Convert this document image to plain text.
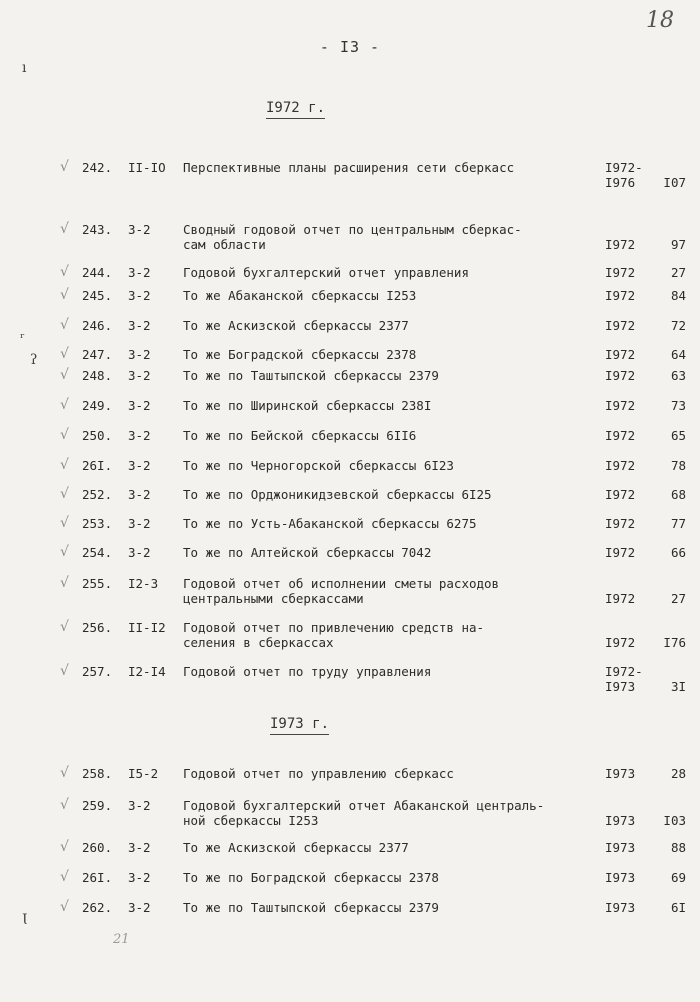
- I3 -
18
21
ı
ᵣ
ʔ
Ɩ
I972 г.
√ 242. II-IO Перспективные планы расширения сети сберкасс	I972-
I976	I07
√ 243. 3-2	Сводный годовой отчет по центральным сберкас-
сам области	I972	97
√ 244. 3-2	Годовой бухгалтерский отчет управления	I972	27
√ 245. 3-2	То же Абаканской сберкассы I253	I972	84
√ 246. 3-2	То же Аскизской сберкассы 2377	I972	72
√ 247. 3-2	То же Боградской сберкассы 2378	I972	64
√ 248. 3-2	То же по Таштыпской сберкассы 2379	I972	63
√ 249. 3-2	То же по Ширинской сберкассы 238I	I972	73
√ 250. 3-2	То же по Бейской сберкассы 6II6	I972	65
√ 26I. 3-2	То же по Черногорской сберкассы 6I23	I972	78
√ 252. 3-2	То же по Орджоникидзевской сберкассы 6I25	I972	68
√ 253. 3-2	То же по Усть-Абаканской сберкассы 6275	I972	77
√ 254. 3-2	То же по Алтейской сберкассы 7042	I972	66
√ 255. I2-3 Годовой отчет об исполнении сметы расходов
центральными сберкассами	I972	27
√ 256. II-I2 Годовой отчет по привлечению средств на-
селения в сберкассах	I972 I76
√ 257. I2-I4 Годовой отчет по труду управления	I972-
I973	3I
I973 г.
√ 258. I5-2 Годовой отчет по управлению сберкасс	I973	28
√ 259. 3-2	Годовой бухгалтерский отчет Абаканской централь-
ной сберкассы I253	I973 I03
√ 260. 3-2	То же Аскизской сберкассы 2377	I973	88
√ 26I. 3-2	То же по Боградской сберкассы 2378	I973	69
√ 262. 3-2	То же по Таштыпской сберкассы 2379	I973	6I
